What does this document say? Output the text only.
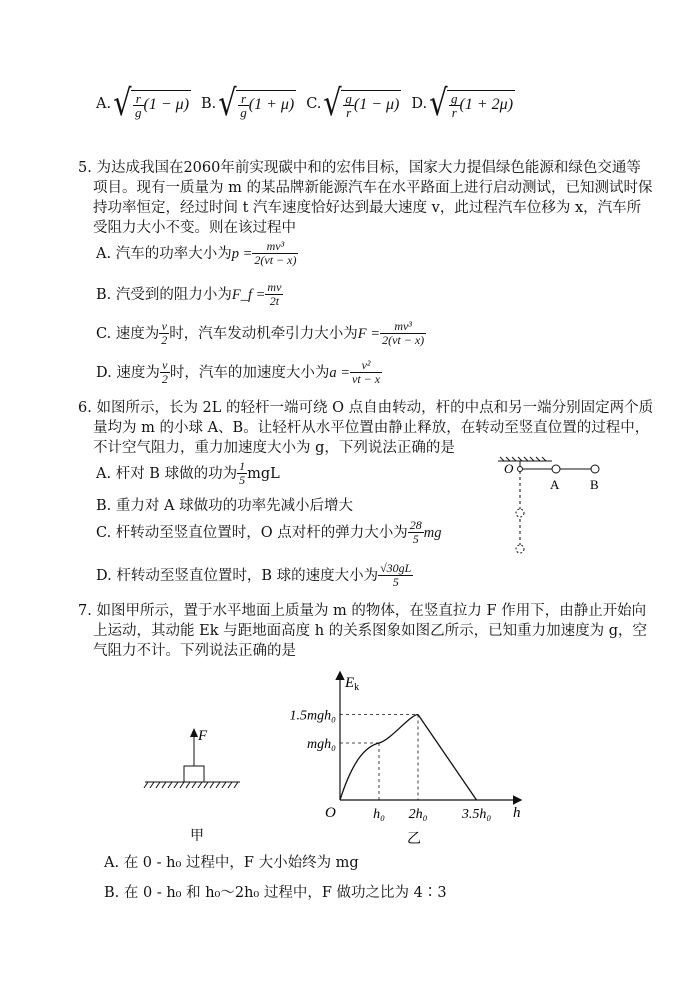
A. √ $\frac{r}{g} (1 - \mu)$ B. √ $\frac{r}{g} (1 + \mu)$ C. √ $\frac{g}{r} (1 - \mu)$ D. √ $\frac{g}{r} (1 + 2\mu)$
5. 为达成我国在2060年前实现碳中和的宏伟目标，国家大力提倡绿色能源和绿色交通等
项目。现有一质量为 m 的某品牌新能源汽车在水平路面上进行启动测试，已知测试时保
持功率恒定，经过时间 t 汽车速度恰好达到最大速度 v，此过程汽车位移为 x，汽车所
受阻力大小不变。则在该过程中
A. 汽车的功率大小为 $p = \frac{\text{mv³}}{2(vt - x)}$
B. 汽受到的阻力小为 F_f = $\frac{mv}{2t}$
C. 速度为 $\frac{v}{2}$ 时，汽车发动机牵引力大小为 $F = \frac{\text{mv³}}{2(vt - x)}$
D. 速度为 $\frac{v}{2}$ 时，汽车的加速度大小为 $a = \frac{\text{v²}}{vt - x}$
6. 如图所示，长为 2L 的轻杆一端可绕 O 点自由转动，杆的中点和另一端分别固定两个质
量均为 m 的小球 A、B。让轻杆从水平位置由静止释放，在转动至竖直位置的过程中，
不计空气阻力，重力加速度大小为 g，下列说法正确的是
A. 杆对 B 球做的功为 $\frac{1}{5}$ mgL
B. 重力对 A 球做功的功率先减小后增大
C. 杆转动至竖直位置时，O 点对杆的弹力大小为 $\frac{28}{5}$ mg
D. 杆转动至竖直位置时，B 球的速度大小为 $\frac{√30gL}{5}$
O
A B
7. 如图甲所示，置于水平地面上质量为 m 的物体，在竖直拉力 F 作用下，由静止开始向
上运动，其动能 Ek 与距地面高度 h 的关系图象如图乙所示，已知重力加速度为 g，空
气阻力不计。下列说法正确的是
F
甲
$E_k$
h
O
mgh₀
1.5mgh₀
h₀ 2h₀ 3.5h₀
乙
A. 在 0 - h₀ 过程中，F 大小始终为 mg
B. 在 0 - h₀ 和 h₀～2h₀ 过程中，F 做功之比为 4∶3
